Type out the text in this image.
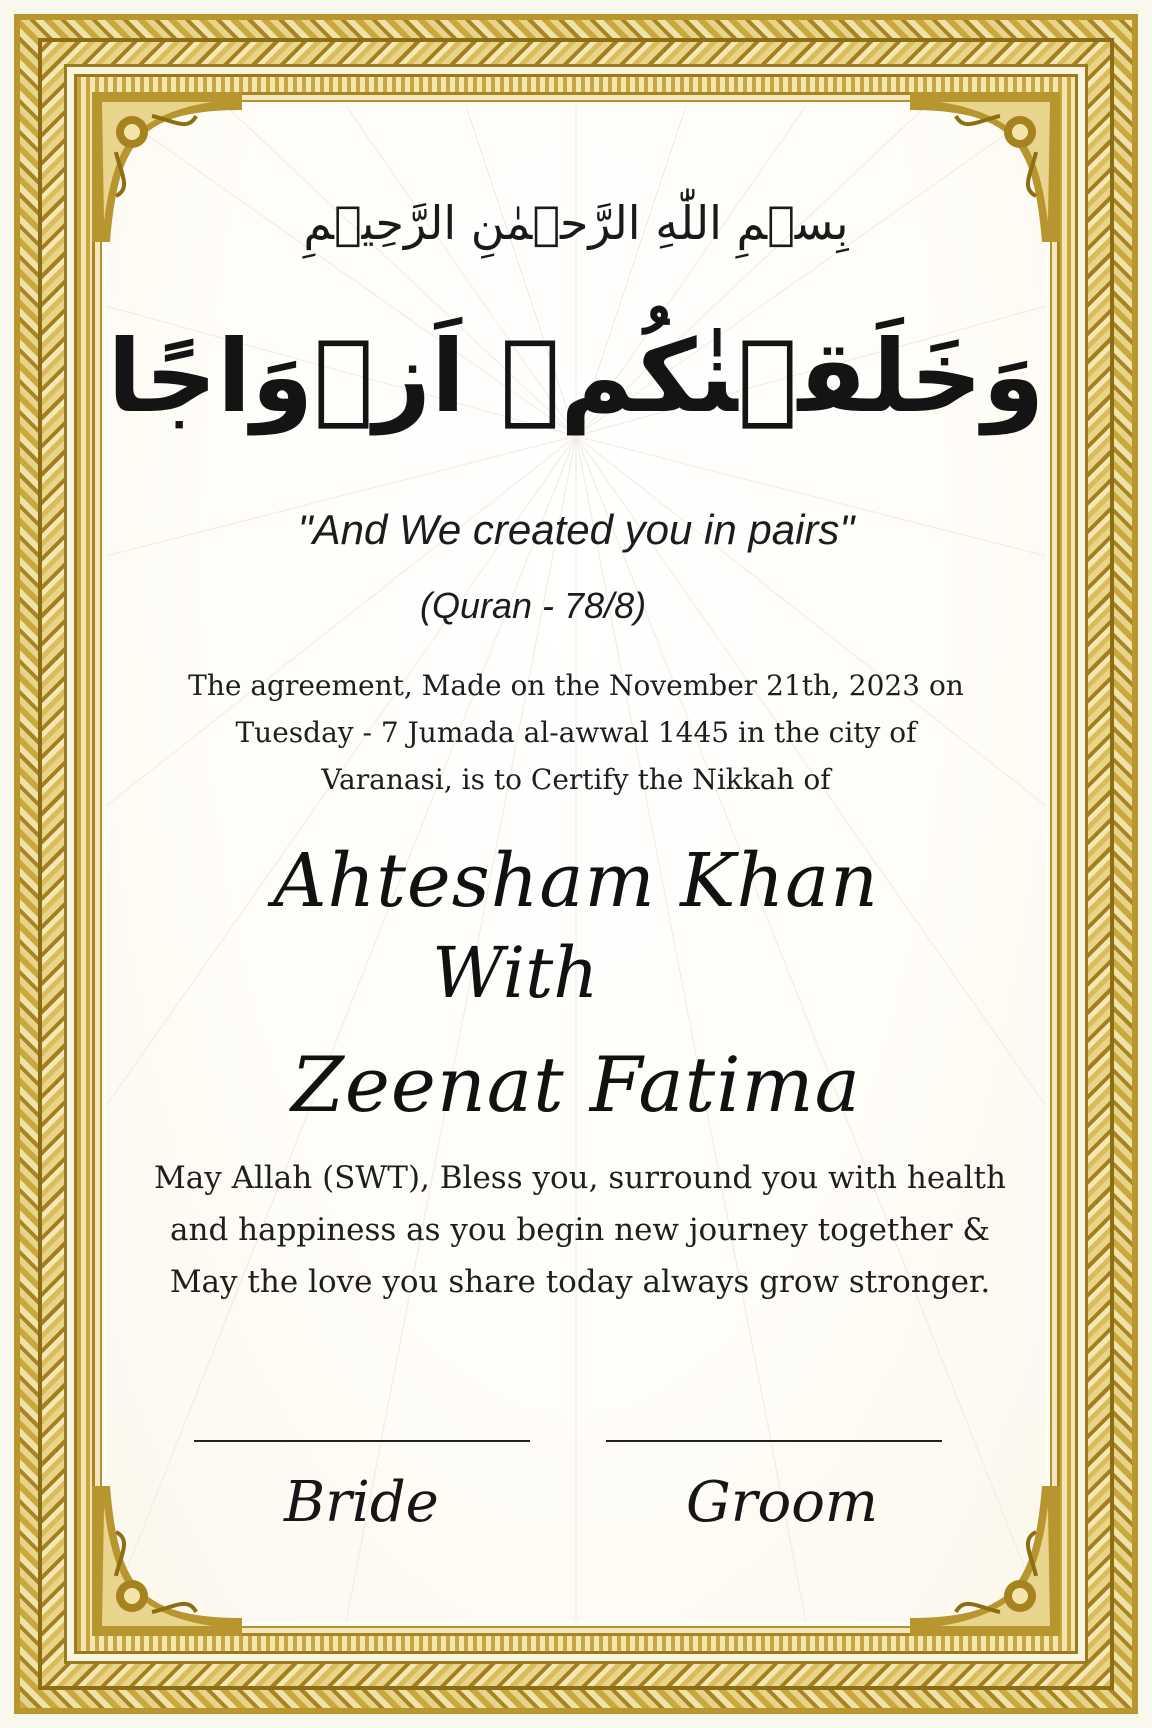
بِسۡمِ اللّٰهِ الرَّحۡمٰنِ الرَّحِیۡمِ
وَخَلَقۡنٰكُمۡ اَزۡوَاجًا
"And We created you in pairs"
(Quran - 78/8)
The agreement, Made on the November 21th, 2023 on
Tuesday - 7 Jumada al-awwal 1445 in the city of
Varanasi, is to Certify the Nikkah of
Ahtesham Khan
With
Zeenat Fatima
May Allah (SWT), Bless you, surround you with health
and happiness as you begin new journey together &
May the love you share today always grow stronger.
Bride	Groom
